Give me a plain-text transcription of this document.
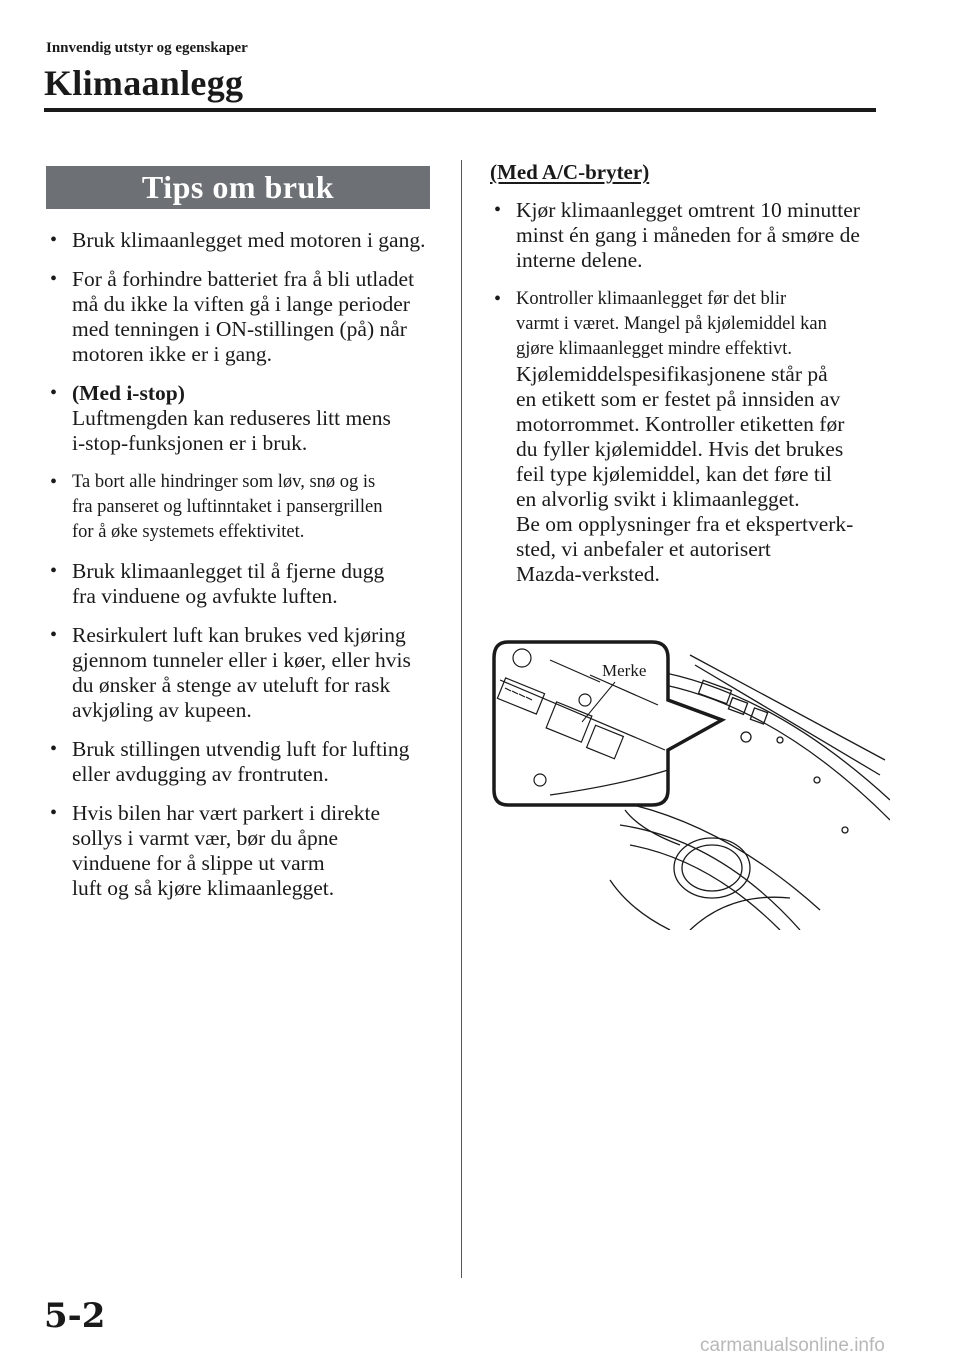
Innvendig utstyr og egenskaper
Klimaanlegg
Tips om bruk
• Bruk klimaanlegget med motoren i gang.
• For å forhindre batteriet fra å bli utladet
må du ikke la viften gå i lange perioder
med tenningen i ON-stillingen (på) når
motoren ikke er i gang.
• (Med i-stop)
Luftmengden kan reduseres litt mens
i-stop-funksjonen er i bruk.
• Ta bort alle hindringer som løv, snø og is
fra panseret og luftinntaket i pansergrillen
for å øke systemets effektivitet.
• Bruk klimaanlegget til å fjerne dugg
fra vinduene og avfukte luften.
• Resirkulert luft kan brukes ved kjøring
gjennom tunneler eller i køer, eller hvis
du ønsker å stenge av uteluft for rask
avkjøling av kupeen.
• Bruk stillingen utvendig luft for lufting
eller avdugging av frontruten.
• Hvis bilen har vært parkert i direkte
sollys i varmt vær, bør du åpne
vinduene for å slippe ut varm
luft og så kjøre klimaanlegget.
(Med A/C-bryter)
• Kjør klimaanlegget omtrent 10 minutter
minst én gang i måneden for å smøre de
interne delene.
• Kontroller klimaanlegget før det blir
varmt i været. Mangel på kjølemiddel kan
gjøre klimaanlegget mindre effektivt.
Kjølemiddelspesifikasjonene står på
en etikett som er festet på innsiden av
motorrommet. Kontroller etiketten før
du fyller kjølemiddel. Hvis det brukes
feil type kjølemiddel, kan det føre til
en alvorlig svikt i klimaanlegget.
Be om opplysninger fra et ekspertverk-
sted, vi anbefaler et autorisert
Mazda-verksted.
Merke
5-2
carmanualsonline.info
